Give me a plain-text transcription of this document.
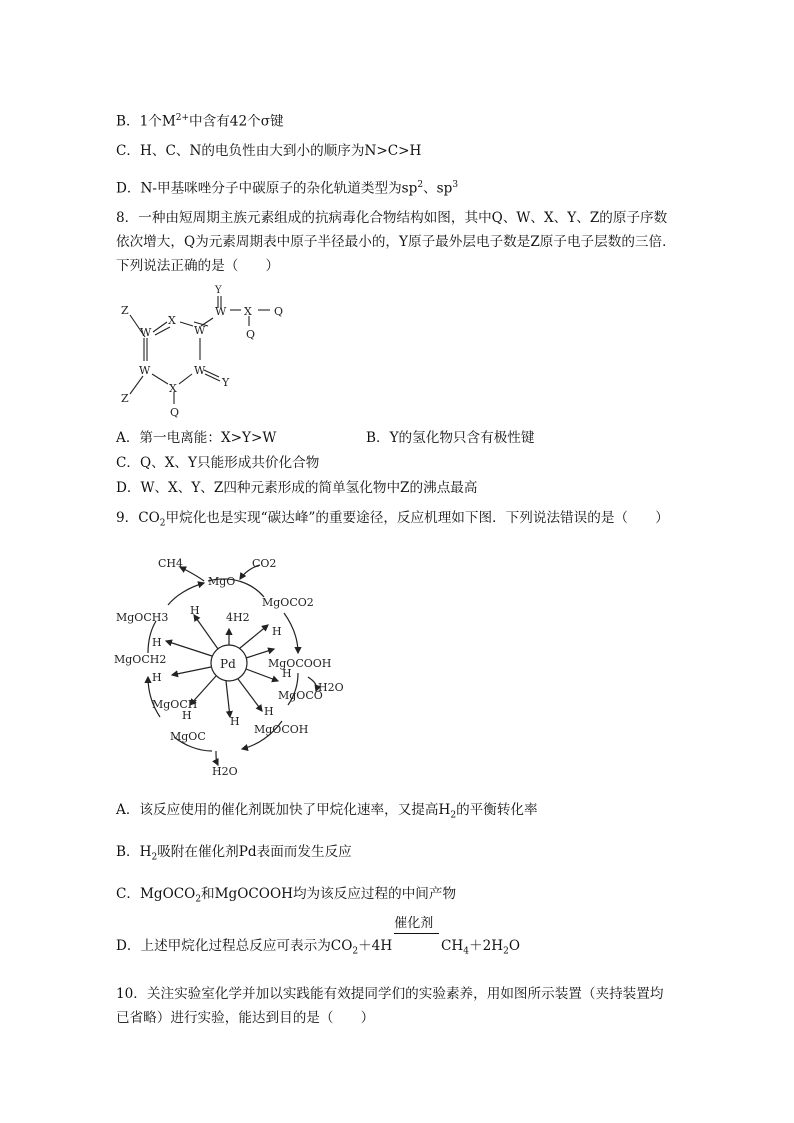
B．1个$M^{2+}$中含有42个σ键
C．H、C、N的电负性由大到小的顺序为N>C>H
D．N-甲基咪唑分子中碳原子的杂化轨道类型为$sp^2$、$sp^3$
8．一种由短周期主族元素组成的抗病毒化合物结构如图，其中Q、W、X、Y、Z的原子序数依次增大，Q为元素周期表中原子半径最小的，Y原子最外层电子数是Z原子电子层数的三倍．下列说法正确的是（　　）
Z
W
X
W
Y
W X Q
Q
W	W
X	Y
Z
Q
A．第一电离能：X>Y>W	B．Y的氢化物只含有极性键
C．Q、X、Y只能形成共价化合物
D．W、X、Y、Z四种元素形成的简单氢化物中Z的沸点最高
9．$CO_2$甲烷化也是实现“碳达峰”的重要途径，反应机理如下图．下列说法错误的是（　　）
CH4
MgO
CO2
MgOCO2
4H2
MgOCH3
H
H
H
MgOCH2	Pd	MgOCOOH
H
H
H2O
MgOCO
MgOCH
H	H
H
MgOCOH
MgOC
H2O
A．该反应使用的催化剂既加快了甲烷化速率，又提高$H_2$的平衡转化率
B．$H_2$吸附在催化剂Pd表面而发生反应
C．MgOCO$_2$和MgOCOOH均为该反应过程的中间产物
D．上述甲烷化过程总反应可表示为$CO_2+4H$
催化剂
$CH_4+2H_2O$
10．关注实验室化学并加以实践能有效提同学们的实验素养，用如图所示装置（夹持装置均已省略）进行实验，能达到目的是（　　）
